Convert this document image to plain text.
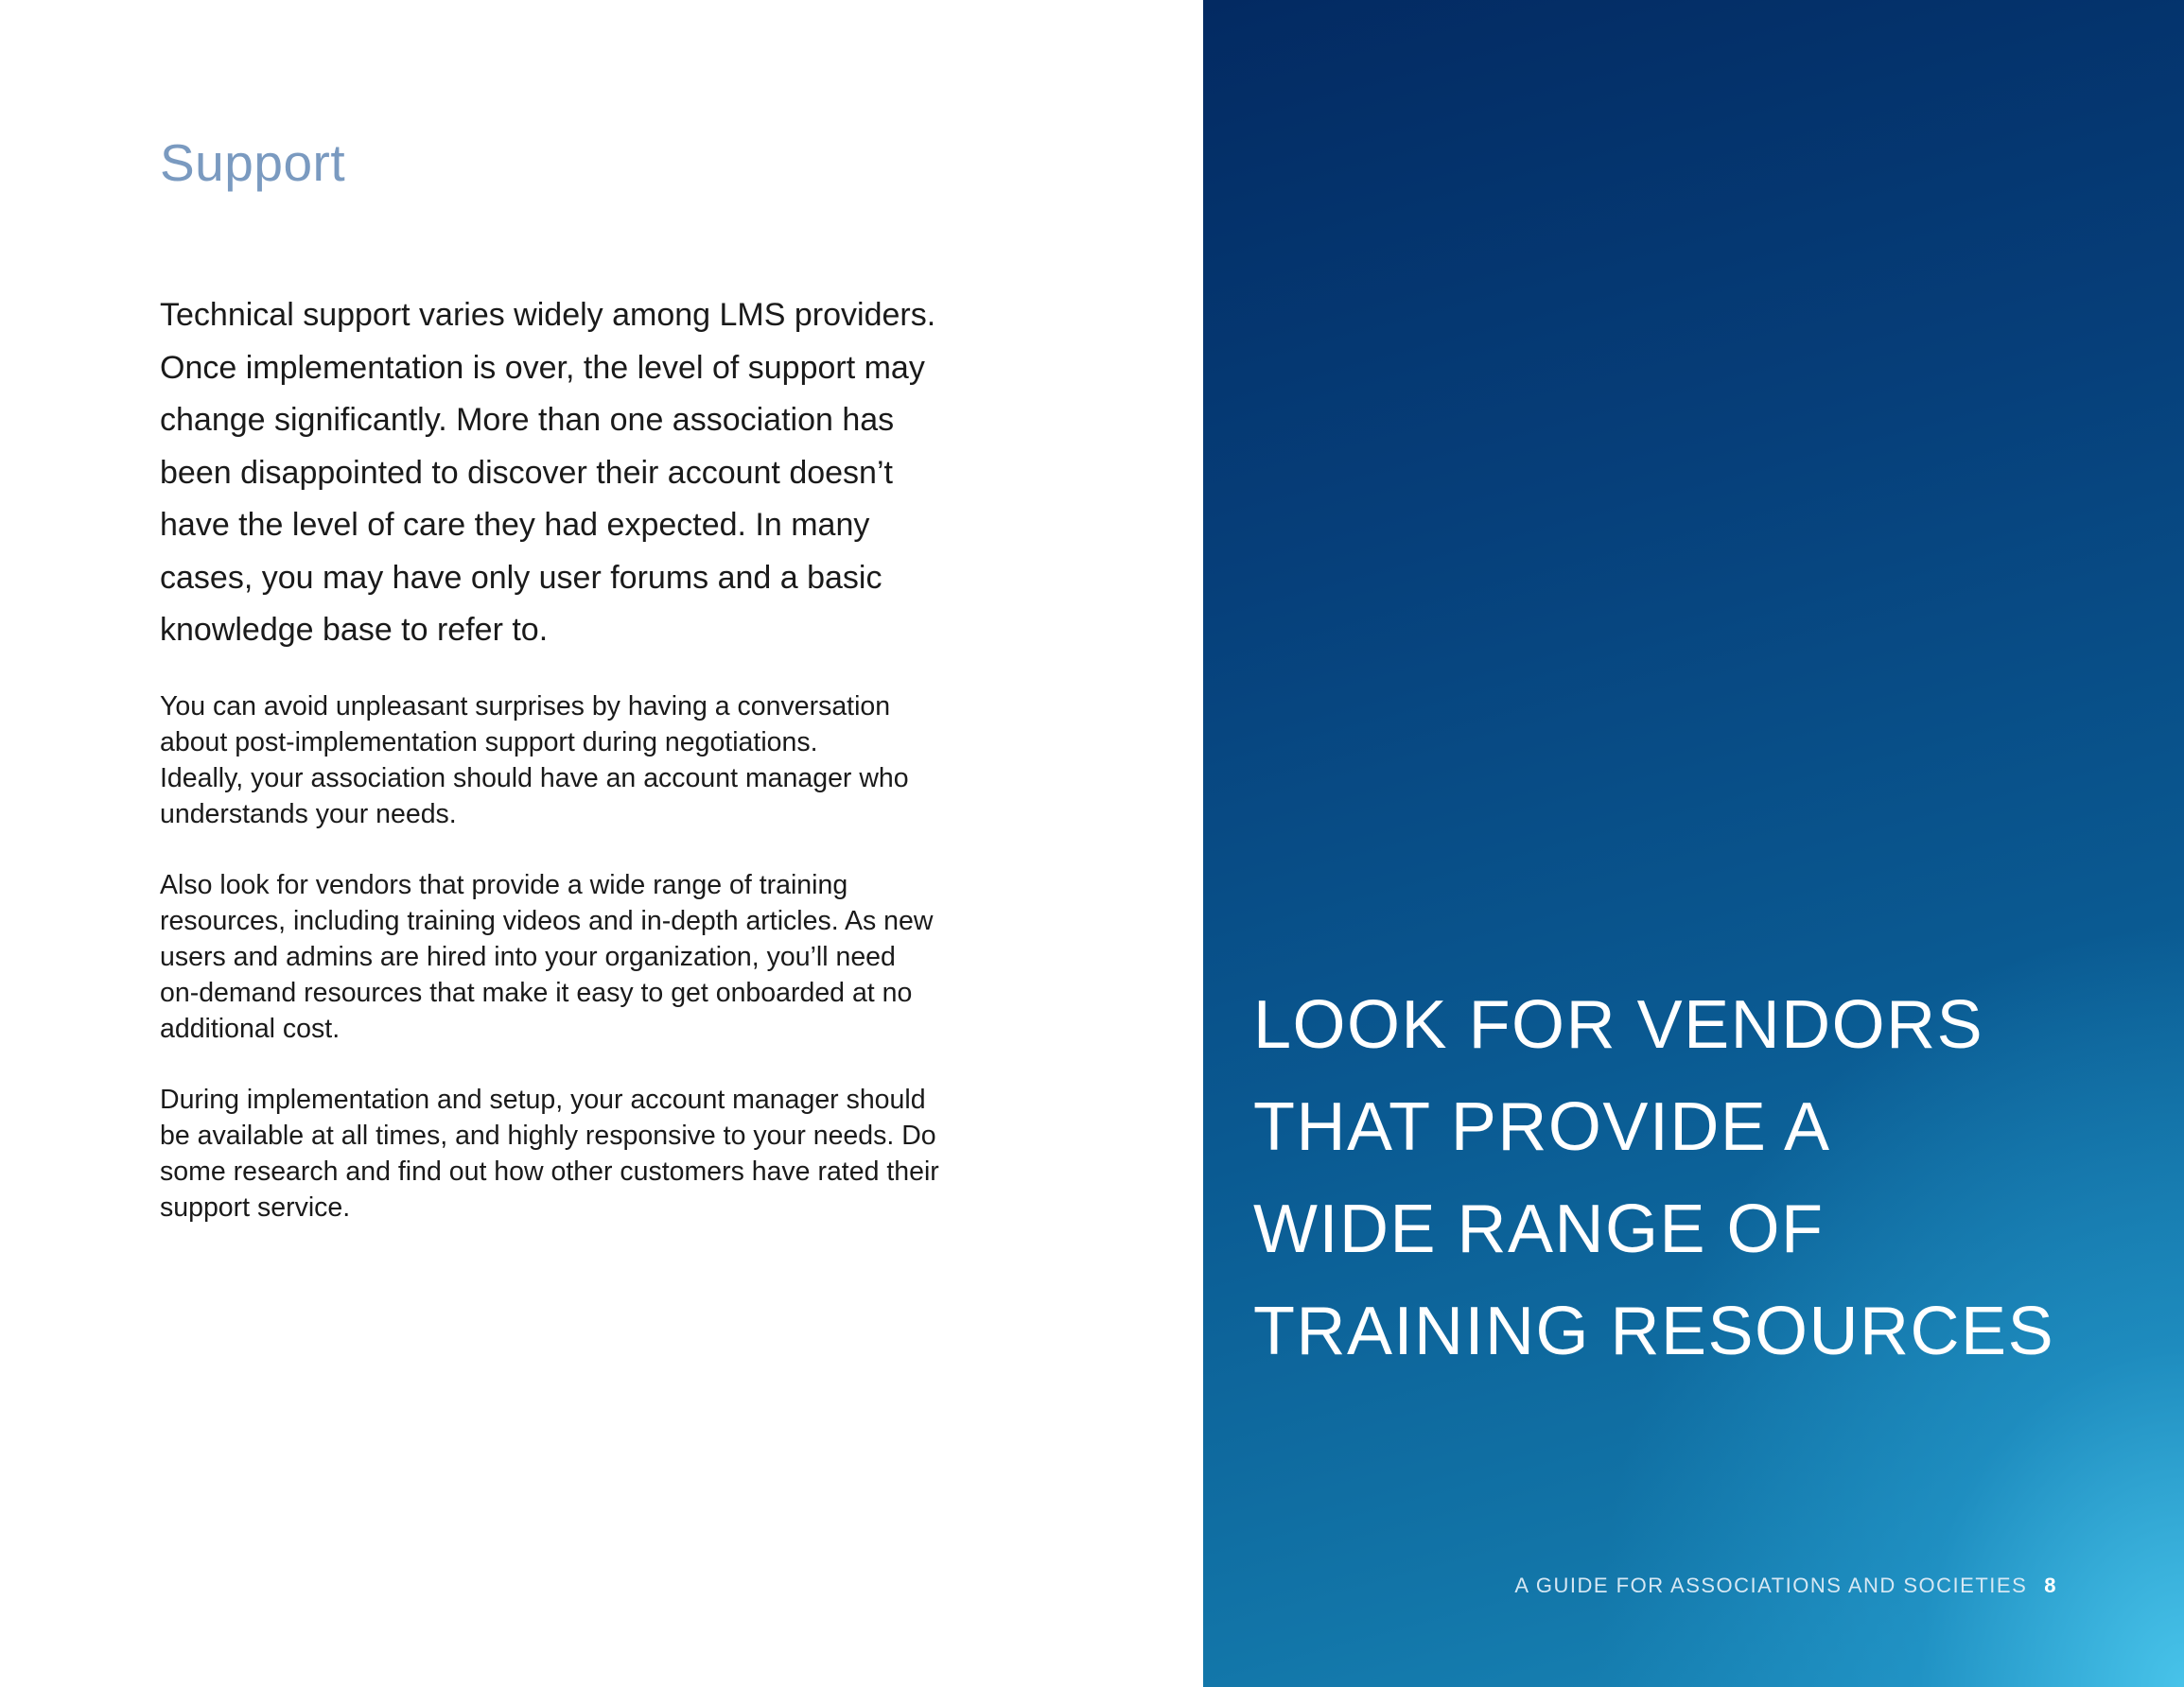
Support

Technical support varies widely among LMS providers.
Once implementation is over, the level of support may
change significantly. More than one association has
been disappointed to discover their account doesn’t
have the level of care they had expected. In many
cases, you may have only user forums and a basic
knowledge base to refer to.

You can avoid unpleasant surprises by having a conversation
about post-implementation support during negotiations.
Ideally, your association should have an account manager who
understands your needs.

Also look for vendors that provide a wide range of training
resources, including training videos and in-depth articles. As new
users and admins are hired into your organization, you’ll need
on-demand resources that make it easy to get onboarded at no
additional cost.

During implementation and setup, your account manager should
be available at all times, and highly responsive to your needs. Do
some research and find out how other customers have rated their
support service.

LOOK FOR VENDORS
THAT PROVIDE A
WIDE RANGE OF
TRAINING RESOURCES
A GUIDE FOR ASSOCIATIONS AND SOCIETIES 8
